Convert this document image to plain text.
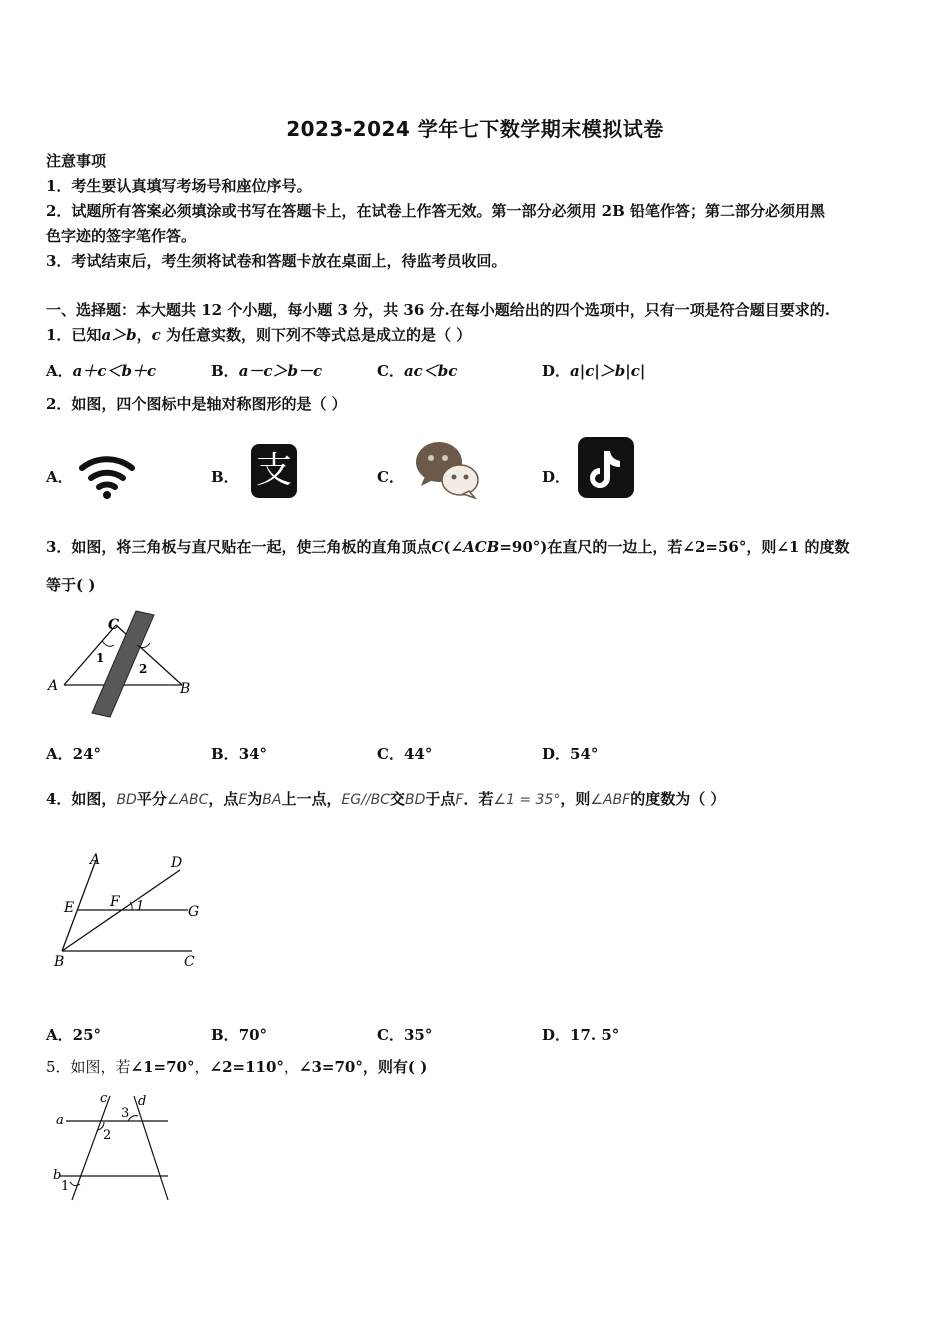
2023-2024 学年七下数学期末模拟试卷
注意事项
1．考生要认真填写考场号和座位序号。
2．试题所有答案必须填涂或书写在答题卡上，在试卷上作答无效。第一部分必须用 2B 铅笔作答；第二部分必须用黑
色字迹的签字笔作答。
3．考试结束后，考生须将试卷和答题卡放在桌面上，待监考员收回。
一、选择题：本大题共 12 个小题，每小题 3 分，共 36 分.在每小题给出的四个选项中，只有一项是符合题目要求的.
1．已知a＞b，c 为任意实数，则下列不等式总是成立的是（ ）
A．a＋c＜b＋c	B．a－c＞b－c	C．ac＜bc	D．a|c|＞b|c|
2．如图，四个图标中是轴对称图形的是（ ）
A．	B． 支	C．	D．
3．如图，将三角板与直尺贴在一起，使三角板的直角顶点C(∠ACB=90°)在直尺的一边上，若∠2=56°，则∠1 的度数
等于( )
C
A	B
1
2
A．24°	B．34°	C．44°	D．54°
4．如图，BD平分∠ABC，点E为BA上一点，EG//BC交BD于点F．若∠1 = 35°，则∠ABF的度数为（ ）
A	D
E	F 1	G
B	C
A．25°	B．70°	C．35°	D．17. 5°
5．如图，若∠1=70°，∠2=110°，∠3=70°，则有( )
c d
3
a
2
b
1
